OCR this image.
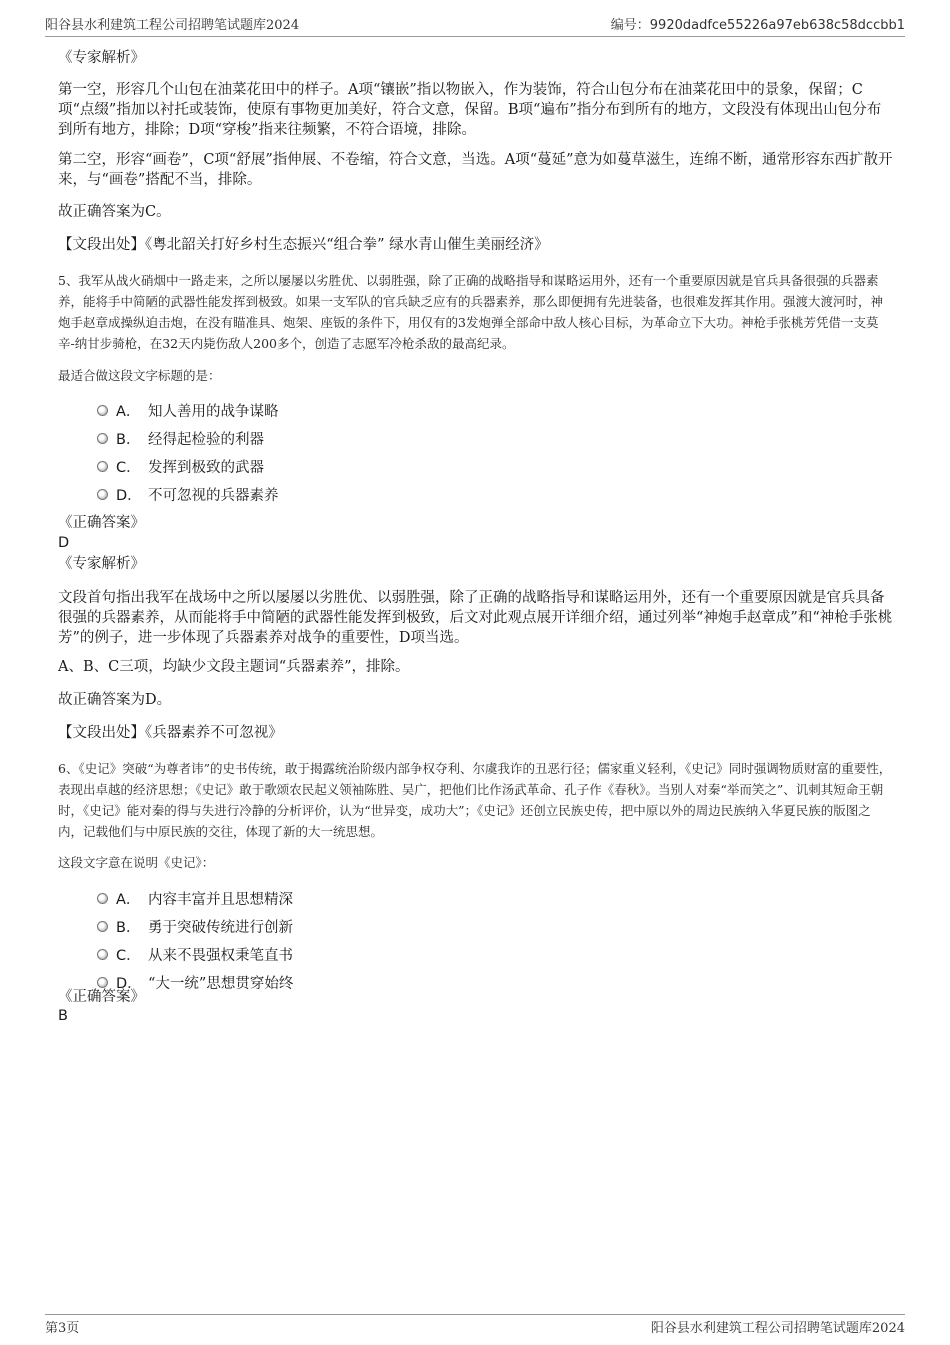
阳谷县水利建筑工程公司招聘笔试题库2024	编号：9920dadfce55226a97eb638c58dccbb1
《专家解析》
第一空，形容几个山包在油菜花田中的样子。A项“镶嵌”指以物嵌入，作为装饰，符合山包分布在油菜花田中的景象，保留；C项“点缀”指加以衬托或装饰，使原有事物更加美好，符合文意，保留。B项“遍布”指分布到所有的地方，文段没有体现出山包分布到所有地方，排除；D项“穿梭”指来往频繁，不符合语境，排除。
第二空，形容“画卷”，C项“舒展”指伸展、不卷缩，符合文意，当选。A项“蔓延”意为如蔓草滋生，连绵不断，通常形容东西扩散开来，与“画卷”搭配不当，排除。
故正确答案为C。
【文段出处】《粤北韶关打好乡村生态振兴“组合拳” 绿水青山催生美丽经济》
5、我军从战火硝烟中一路走来，之所以屡屡以劣胜优、以弱胜强，除了正确的战略指导和谋略运用外，还有一个重要原因就是官兵具备很强的兵器素养，能将手中简陋的武器性能发挥到极致。如果一支军队的官兵缺乏应有的兵器素养，那么即便拥有先进装备，也很难发挥其作用。强渡大渡河时，神炮手赵章成操纵迫击炮，在没有瞄准具、炮架、座钣的条件下，用仅有的3发炮弹全部命中敌人核心目标，为革命立下大功。神枪手张桃芳凭借一支莫辛-纳甘步骑枪，在32天内毙伤敌人200多个，创造了志愿军冷枪杀敌的最高纪录。
最适合做这段文字标题的是：
A． 知人善用的战争谋略
B． 经得起检验的利器
C． 发挥到极致的武器
D． 不可忽视的兵器素养
《正确答案》
D
《专家解析》
文段首句指出我军在战场中之所以屡屡以劣胜优、以弱胜强，除了正确的战略指导和谋略运用外，还有一个重要原因就是官兵具备很强的兵器素养，从而能将手中简陋的武器性能发挥到极致，后文对此观点展开详细介绍，通过列举“神炮手赵章成”和“神枪手张桃芳”的例子，进一步体现了兵器素养对战争的重要性，D项当选。
A、B、C三项，均缺少文段主题词“兵器素养”，排除。
故正确答案为D。
【文段出处】《兵器素养不可忽视》
6、《史记》突破“为尊者讳”的史书传统，敢于揭露统治阶级内部争权夺利、尔虞我诈的丑恶行径；儒家重义轻利，《史记》同时强调物质财富的重要性，表现出卓越的经济思想；《史记》敢于歌颂农民起义领袖陈胜、吴广，把他们比作汤武革命、孔子作《春秋》。当别人对秦“举而笑之”、讥刺其短命王朝时，《史记》能对秦的得与失进行冷静的分析评价，认为“世异变，成功大”；《史记》还创立民族史传，把中原以外的周边民族纳入华夏民族的版图之内，记载他们与中原民族的交往，体现了新的大一统思想。
这段文字意在说明《史记》：
A． 内容丰富并且思想精深
B． 勇于突破传统进行创新
C． 从来不畏强权秉笔直书
D． “大一统”思想贯穿始终
《正确答案》
B
第3页	阳谷县水利建筑工程公司招聘笔试题库2024
